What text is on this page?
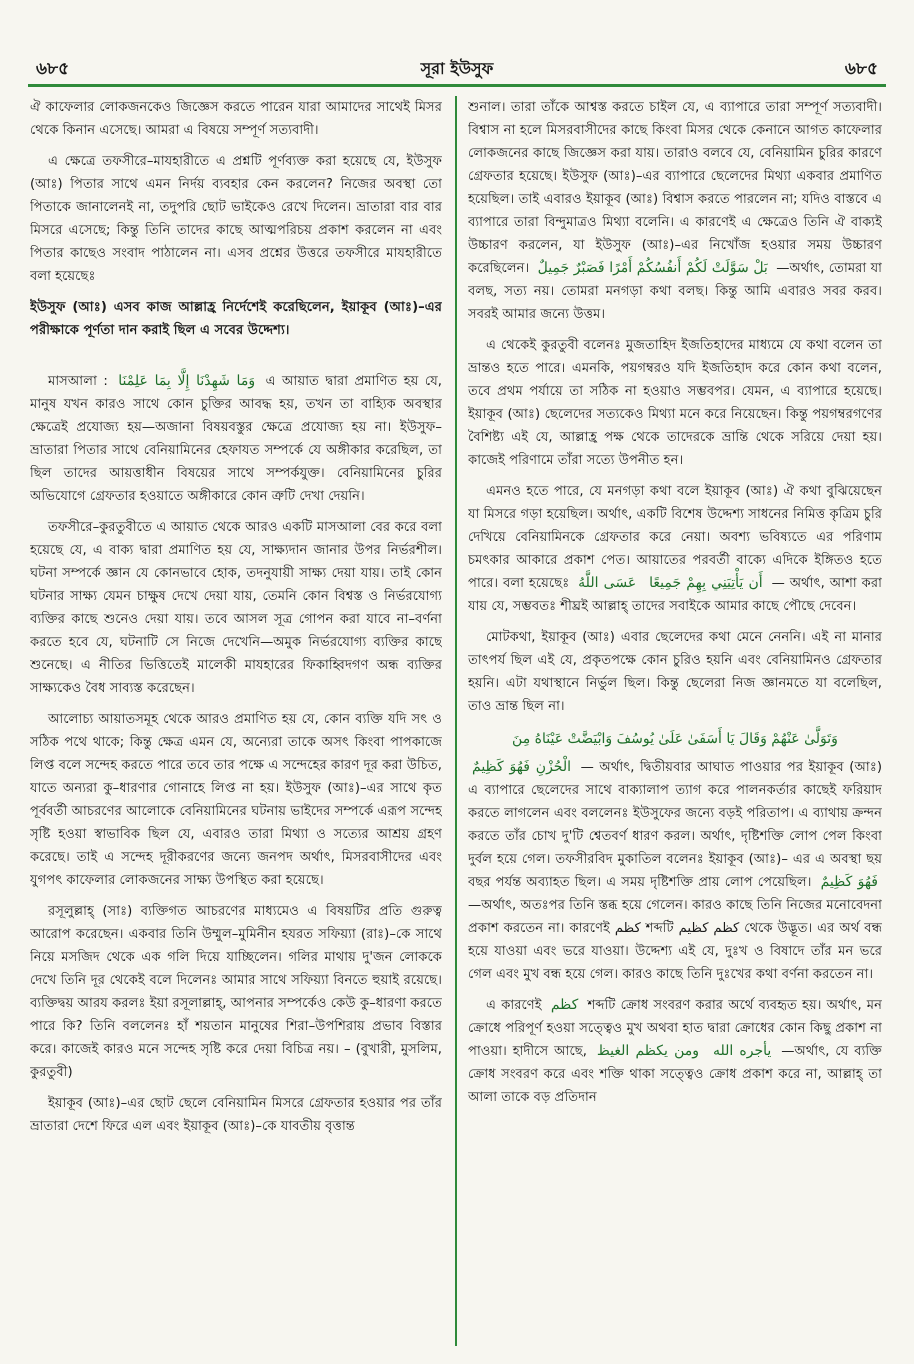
৬৮৫	সূরা ইউসুফ	৬৮৫

ঐ কাফেলার লোকজনকেও জিজ্ঞেস করতে পারেন যারা আমাদের সাথেই মিসর থেকে কিনান এসেছে। আমরা এ বিষয়ে সম্পূর্ণ সত্যবাদী।

এ ক্ষেত্রে তফসীরে–মাযহারীতে এ প্রশ্নটি পূর্ণব্যক্ত করা হয়েছে যে, ইউসুফ (আঃ) পিতার সাথে এমন নির্দয় ব্যবহার কেন করলেন? নিজের অবস্থা তো পিতাকে জানালেনই না, তদুপরি ছোট ভাইকেও রেখে দিলেন। ভ্রাতারা বার বার মিসরে এসেছে; কিন্তু তিনি তাদের কাছে আত্মপরিচয় প্রকাশ করলেন না এবং পিতার কাছেও সংবাদ পাঠালেন না। এসব প্রশ্নের উত্তরে তফসীরে মাযহারীতে বলা হয়েছেঃ

ইউসুফ (আঃ) এসব কাজ আল্লাহ্র নির্দেশেই করেছিলেন, ইয়াকূব (আঃ)–এর পরীক্ষাকে পূর্ণতা দান করাই ছিল এ সবের উদ্দেশ্য।

মাসআলা : وَمَا شَهِدْنَا إِلَّا بِمَا عَلِمْنَا এ আয়াত দ্বারা প্রমাণিত হয় যে, মানুষ যখন কারও সাথে কোন চুক্তির আবদ্ধ হয়, তখন তা বাহ্যিক অবস্থার ক্ষেত্রেই প্রযোজ্য হয়—অজানা বিষয়বস্তুর ক্ষেত্রে প্রযোজ্য হয় না। ইউসুফ–ভ্রাতারা পিতার সাথে বেনিয়ামিনের হেফাযত সম্পর্কে যে অঙ্গীকার করেছিল, তা ছিল তাদের আয়ত্তাধীন বিষয়ের সাথে সম্পর্কযুক্ত। বেনিয়ামিনের চুরির অভিযোগে গ্রেফতার হওয়াতে অঙ্গীকারে কোন ত্রুটি দেখা দেয়নি।

তফসীরে–কুরতুবীতে এ আয়াত থেকে আরও একটি মাসআলা বের করে বলা হয়েছে যে, এ বাক্য দ্বারা প্রমাণিত হয় যে, সাক্ষ্যদান জানার উপর নির্ভরশীল। ঘটনা সম্পর্কে জ্ঞান যে কোনভাবে হোক, তদনুযায়ী সাক্ষ্য দেয়া যায়। তাই কোন ঘটনার সাক্ষ্য যেমন চাক্ষুষ দেখে দেয়া যায়, তেমনি কোন বিশ্বস্ত ও নির্ভরযোগ্য ব্যক্তির কাছে শুনেও দেয়া যায়। তবে আসল সূত্র গোপন করা যাবে না–বর্ণনা করতে হবে যে, ঘটনাটি সে নিজে দেখেনি—অমুক নির্ভরযোগ্য ব্যক্তির কাছে শুনেছে। এ নীতির ভিত্তিতেই মালেকী মাযহারের ফিকাহ্বিদগণ অন্ধ ব্যক্তির সাক্ষ্যকেও বৈধ সাব্যস্ত করেছেন।

আলোচ্য আয়াতসমূহ থেকে আরও প্রমাণিত হয় যে, কোন ব্যক্তি যদি সৎ ও সঠিক পথে থাকে; কিন্তু ক্ষেত্র এমন যে, অন্যেরা তাকে অসৎ কিংবা পাপকাজে লিপ্ত বলে সন্দেহ করতে পারে তবে তার পক্ষে এ সন্দেহের কারণ দূর করা উচিত, যাতে অন্যরা কু–ধারণার গোনাহে লিপ্ত না হয়। ইউসুফ (আঃ)–এর সাথে কৃত পূর্ববর্তী আচরণের আলোকে বেনিয়ামিনের ঘটনায় ভাইদের সম্পর্কে এরূপ সন্দেহ সৃষ্টি হওয়া স্বাভাবিক ছিল যে, এবারও তারা মিথ্যা ও সত্যের আশ্রয় গ্রহণ করেছে। তাই এ সন্দেহ দূরীকরণের জন্যে জনপদ অর্থাৎ, মিসরবাসীদের এবং যুগপৎ কাফেলার লোকজনের সাক্ষ্য উপস্থিত করা হয়েছে।

রসূলুল্লাহ্ (সাঃ) ব্যক্তিগত আচরণের মাধ্যমেও এ বিষয়টির প্রতি গুরুত্ব আরোপ করেছেন। একবার তিনি উম্মুল–মুমিনীন হযরত সফিয়্যা (রাঃ)–কে সাথে নিয়ে মসজিদ থেকে এক গলি দিয়ে যাচ্ছিলেন। গলির মাথায় দু'জন লোককে দেখে তিনি দূর থেকেই বলে দিলেনঃ আমার সাথে সফিয়্যা বিনতে হুয়াই রয়েছে। ব্যক্তিদ্বয় আরয করলঃ ইয়া রসূলাল্লাহ্, আপনার সম্পর্কেও কেউ কু–ধারণা করতে পারে কি? তিনি বললেনঃ হাঁ শয়তান মানুষের শিরা–উপশিরায় প্রভাব বিস্তার করে। কাজেই কারও মনে সন্দেহ সৃষ্টি করে দেয়া বিচিত্র নয়। – (বুখারী, মুসলিম, কুরতুবী)

ইয়াকূব (আঃ)–এর ছোট ছেলে বেনিয়ামিন মিসরে গ্রেফতার হওয়ার পর তাঁর ভ্রাতারা দেশে ফিরে এল এবং ইয়াকূব (আঃ)–কে যাবতীয় বৃত্তান্ত

শুনাল। তারা তাঁকে আশ্বস্ত করতে চাইল যে, এ ব্যাপারে তারা সম্পূর্ণ সত্যবাদী। বিশ্বাস না হলে মিসরবাসীদের কাছে কিংবা মিসর থেকে কেনানে আগত কাফেলার লোকজনের কাছে জিজ্ঞেস করা যায়। তারাও বলবে যে, বেনিয়ামিন চুরির কারণে গ্রেফতার হয়েছে। ইউসুফ (আঃ)–এর ব্যাপারে ছেলেদের মিথ্যা একবার প্রমাণিত হয়েছিল। তাই এবারও ইয়াকূব (আঃ) বিশ্বাস করতে পারলেন না; যদিও বাস্তবে এ ব্যাপারে তারা বিন্দুমাত্রও মিথ্যা বলেনি। এ কারণেই এ ক্ষেত্রেও তিনি ঐ বাক্যই উচ্চারণ করলেন, যা ইউসুফ (আঃ)–এর নিখোঁজ হওয়ার সময় উচ্চারণ করেছিলেন। بَلْ سَوَّلَتْ لَكُمْ أَنفُسُكُمْ أَمْرًا فَصَبْرٌ جَمِيلٌ —অর্থাৎ, তোমরা যা বলছ, সত্য নয়। তোমরা মনগড়া কথা বলছ। কিন্তু আমি এবারও সবর করব। সবরই আমার জন্যে উত্তম।

এ থেকেই কুরতুবী বলেনঃ মুজতাহিদ ইজতিহাদের মাধ্যমে যে কথা বলেন তা ভ্রান্তও হতে পারে। এমনকি, পয়গম্বরও যদি ইজতিহাদ করে কোন কথা বলেন, তবে প্রথম পর্যায়ে তা সঠিক না হওয়াও সম্ভবপর। যেমন, এ ব্যাপারে হয়েছে। ইয়াকূব (আঃ) ছেলেদের সত্যকেও মিথ্যা মনে করে নিয়েছেন। কিন্তু পয়গম্বরগণের বৈশিষ্ট্য এই যে, আল্লাহ্র পক্ষ থেকে তাদেরকে ভ্রান্তি থেকে সরিয়ে দেয়া হয়। কাজেই পরিণামে তাঁরা সত্যে উপনীত হন।

এমনও হতে পারে, যে মনগড়া কথা বলে ইয়াকূব (আঃ) ঐ কথা বুঝিয়েছেন যা মিসরে গড়া হয়েছিল। অর্থাৎ, একটি বিশেষ উদ্দেশ্য সাধনের নিমিত্ত কৃত্রিম চুরি দেখিয়ে বেনিয়ামিনকে গ্রেফতার করে নেয়া। অবশ্য ভবিষ্যতে এর পরিণাম চমৎকার আকারে প্রকাশ পেত। আয়াতের পরবর্তী বাক্যে এদিকে ইঙ্গিতও হতে পারে। বলা হয়েছেঃ عَسَى اللَّهُ أَن يَأْتِيَنِي بِهِمْ جَمِيعًا — অর্থাৎ, আশা করা যায় যে, সম্ভবতঃ শীঘ্রই আল্লাহ্ তাদের সবাইকে আমার কাছে পৌছে দেবেন।

মোটকথা, ইয়াকূব (আঃ) এবার ছেলেদের কথা মেনে নেননি। এই না মানার তাৎপর্য ছিল এই যে, প্রকৃতপক্ষে কোন চুরিও হয়নি এবং বেনিয়ামিনও গ্রেফতার হয়নি। এটা যথাস্থানে নির্ভুল ছিল। কিন্তু ছেলেরা নিজ জ্ঞানমতে যা বলেছিল, তাও ভ্রান্ত ছিল না।

وَتَوَلَّىٰ عَنْهُمْ وَقَالَ يَا أَسَفَىٰ عَلَىٰ يُوسُفَ وَابْيَضَّتْ عَيْنَاهُ مِنَ

الْحُزْنِ فَهُوَ كَظِيمٌ — অর্থাৎ, দ্বিতীয়বার আঘাত পাওয়ার পর ইয়াকূব (আঃ) এ ব্যাপারে ছেলেদের সাথে বাক্যালাপ ত্যাগ করে পালনকর্তার কাছেই ফরিয়াদ করতে লাগলেন এবং বললেনঃ ইউসুফের জন্যে বড়ই পরিতাপ। এ ব্যাথায় ক্রন্দন করতে তাঁর চোখ দু'টি শ্বেতবর্ণ ধারণ করল। অর্থাৎ, দৃষ্টিশক্তি লোপ পেল কিংবা দুর্বল হয়ে গেল। তফসীরবিদ মুকাতিল বলেনঃ ইয়াকূব (আঃ)– এর এ অবস্থা ছয় বছর পর্যন্ত অব্যাহত ছিল। এ সময় দৃষ্টিশক্তি প্রায় লোপ পেয়েছিল। فَهُوَ كَظِيمٌ —অর্থাৎ, অতঃপর তিনি স্তব্ধ হয়ে গেলেন। কারও কাছে তিনি নিজের মনোবেদনা প্রকাশ করতেন না। কারণেই كظم শব্দটি كظم كظيم থেকে উদ্ভূত। এর অর্থ বন্ধ হয়ে যাওয়া এবং ভরে যাওয়া। উদ্দেশ্য এই যে, দুঃখ ও বিষাদে তাঁর মন ভরে গেল এবং মুখ বন্ধ হয়ে গেল। কারও কাছে তিনি দুঃখের কথা বর্ণনা করতেন না।

এ কারণেই كظم শব্দটি ক্রোধ সংবরণ করার অর্থে ব্যবহৃত হয়। অর্থাৎ, মন ক্রোধে পরিপূর্ণ হওয়া সত্ত্বেও মুখ অথবা হাত দ্বারা ক্রোধের কোন কিছু প্রকাশ না পাওয়া। হাদীসে আছে, ومن يكظم الغيظ يأجره الله —অর্থাৎ, যে ব্যক্তি ক্রোধ সংবরণ করে এবং শক্তি থাকা সত্ত্বেও ক্রোধ প্রকাশ করে না, আল্লাহ্ তা আলা তাকে বড় প্রতিদান
